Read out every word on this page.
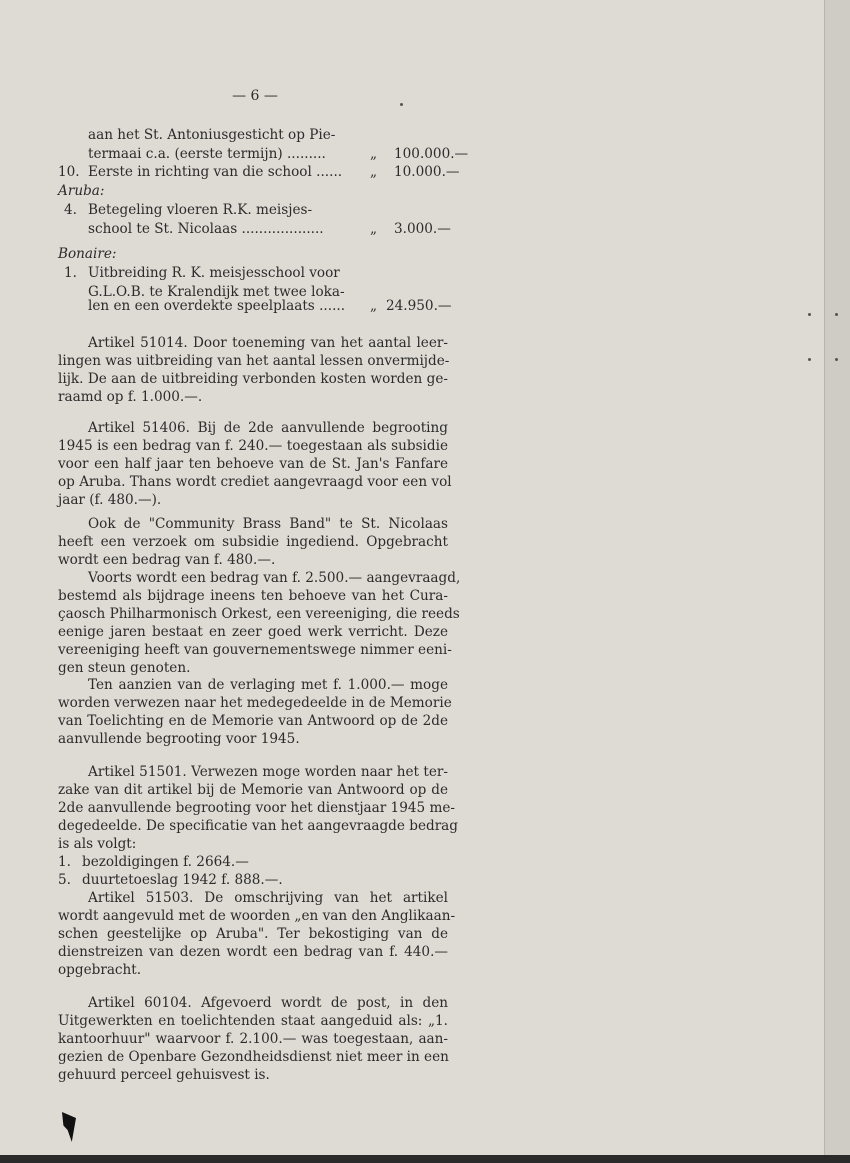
— 6 —
aan het St. Antoniusgesticht op Pie-
termaai c.a. (eerste termijn) .........	„ 100.000.—
10. Eerste in richting van die school ...... „ 10.000.—
Aruba:
4. Betegeling vloeren R.K. meisjes-
school te St. Nicolaas ...................	„ 3.000.—
Bonaire:
1. Uitbreiding R. K. meisjesschool voor
G.L.O.B. te Kralendijk met twee loka-
len en een overdekte speelplaats ...... „ 24.950.—
Artikel 51014. Door toeneming van het aantal leer-
lingen was uitbreiding van het aantal lessen onvermijde-
lijk. De aan de uitbreiding verbonden kosten worden ge-
raamd op f. 1.000.—.
Artikel 51406. Bij de 2de aanvullende begrooting
1945 is een bedrag van f. 240.— toegestaan als subsidie
voor een half jaar ten behoeve van de St. Jan's Fanfare
op Aruba. Thans wordt crediet aangevraagd voor een vol
jaar (f. 480.—).
Ook de "Community Brass Band" te St. Nicolaas
heeft een verzoek om subsidie ingediend. Opgebracht
wordt een bedrag van f. 480.—.
Voorts wordt een bedrag van f. 2.500.— aangevraagd,
bestemd als bijdrage ineens ten behoeve van het Cura-
çaosch Philharmonisch Orkest, een vereeniging, die reeds
eenige jaren bestaat en zeer goed werk verricht. Deze
vereeniging heeft van gouvernementswege nimmer eeni-
gen steun genoten.
Ten aanzien van de verlaging met f. 1.000.— moge
worden verwezen naar het medegedeelde in de Memorie
van Toelichting en de Memorie van Antwoord op de 2de
aanvullende begrooting voor 1945.
Artikel 51501. Verwezen moge worden naar het ter-
zake van dit artikel bij de Memorie van Antwoord op de
2de aanvullende begrooting voor het dienstjaar 1945 me-
degedeelde. De specificatie van het aangevraagde bedrag
is als volgt:
1. bezoldigingen f. 2664.—
5. duurtetoeslag 1942 f. 888.—.
Artikel 51503. De omschrijving van het artikel
wordt aangevuld met de woorden „en van den Anglikaan-
schen geestelijke op Aruba". Ter bekostiging van de
dienstreizen van dezen wordt een bedrag van f. 440.—
opgebracht.
Artikel 60104. Afgevoerd wordt de post, in den
Uitgewerkten en toelichtenden staat aangeduid als: „1.
kantoorhuur" waarvoor f. 2.100.— was toegestaan, aan-
gezien de Openbare Gezondheidsdienst niet meer in een
gehuurd perceel gehuisvest is.
